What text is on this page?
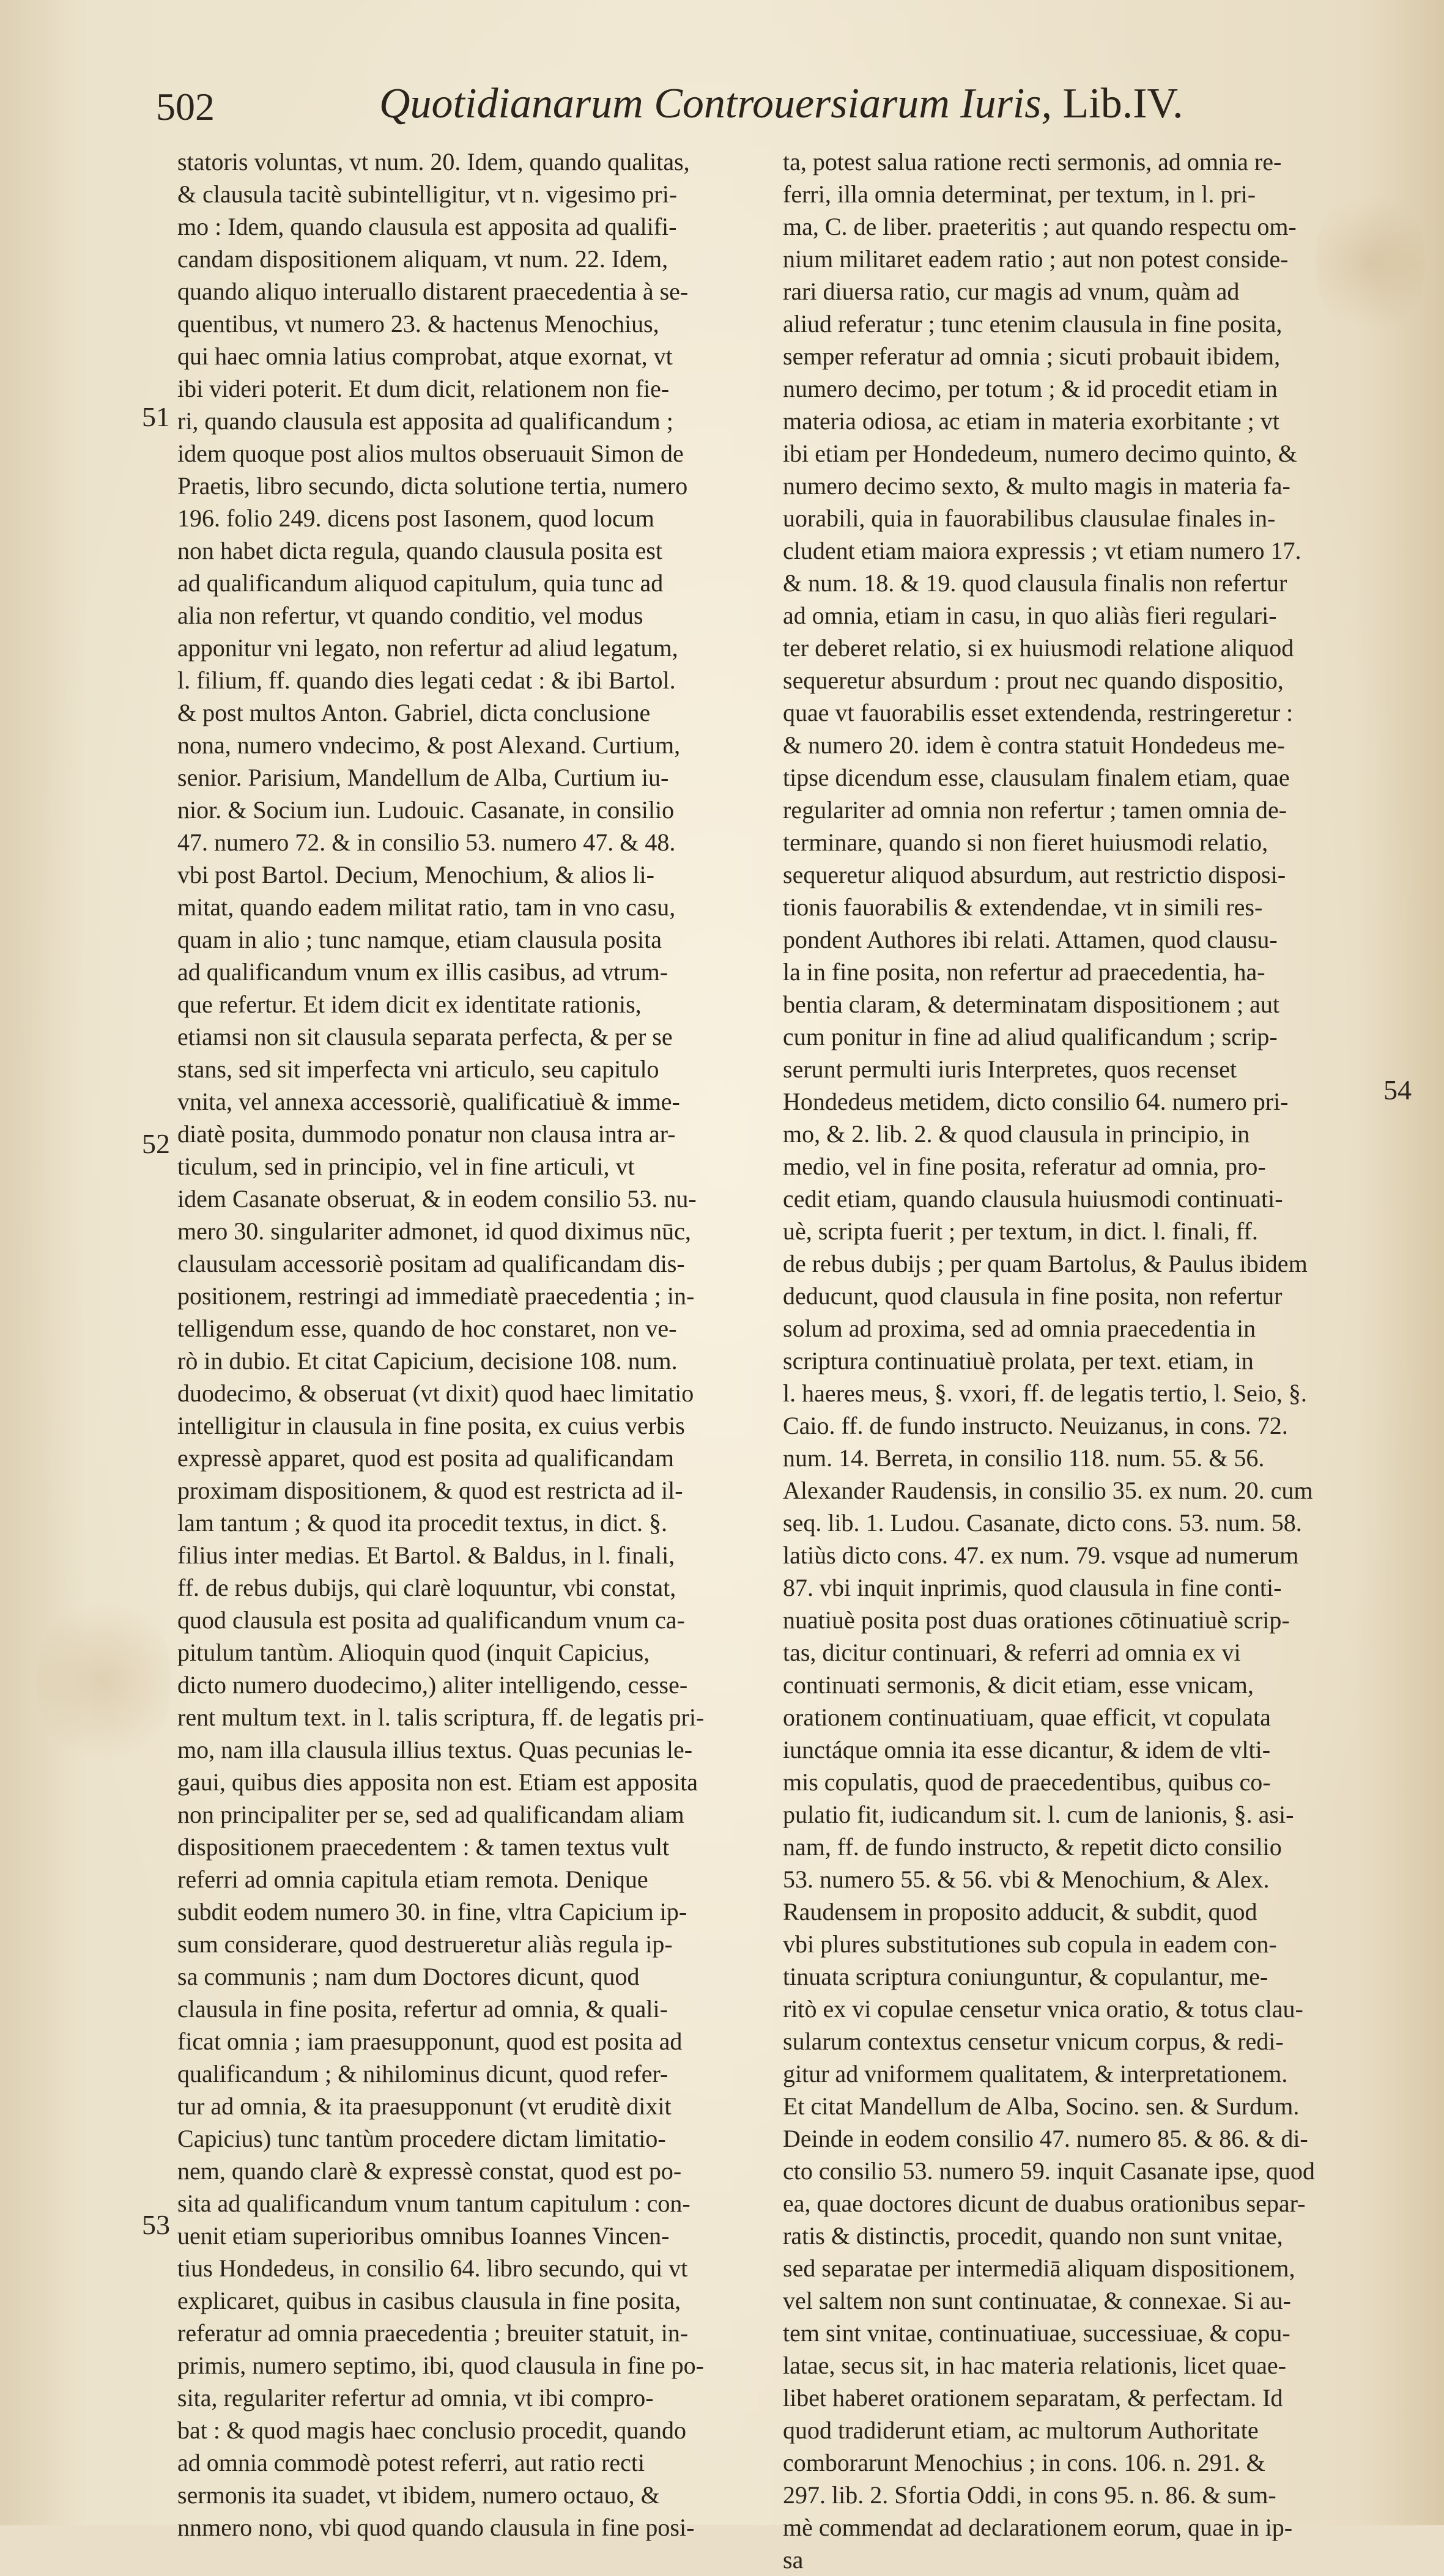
502	Quotidianarum Controuersiarum Iuris, Lib.IV.
51
52
53
54
statoris voluntas, vt num. 20. Idem, quando qualitas,
& clausula tacitè subintelligitur, vt n. vigesimo pri-
mo : Idem, quando clausula est apposita ad qualifi-
candam dispositionem aliquam, vt num. 22. Idem,
quando aliquo interuallo distarent praecedentia à se-
quentibus, vt numero 23. & hactenus Menochius,
qui haec omnia latius comprobat, atque exornat, vt
ibi videri poterit. Et dum dicit, relationem non fie-
ri, quando clausula est apposita ad qualificandum ;
idem quoque post alios multos obseruauit Simon de
Praetis, libro secundo, dicta solutione tertia, numero
196. folio 249. dicens post Iasonem, quod locum
non habet dicta regula, quando clausula posita est
ad qualificandum aliquod capitulum, quia tunc ad
alia non refertur, vt quando conditio, vel modus
apponitur vni legato, non refertur ad aliud legatum,
l. filium, ff. quando dies legati cedat : & ibi Bartol.
& post multos Anton. Gabriel, dicta conclusione
nona, numero vndecimo, & post Alexand. Curtium,
senior. Parisium, Mandellum de Alba, Curtium iu-
nior. & Socium iun. Ludouic. Casanate, in consilio
47. numero 72. & in consilio 53. numero 47. & 48.
vbi post Bartol. Decium, Menochium, & alios li-
mitat, quando eadem militat ratio, tam in vno casu,
quam in alio ; tunc namque, etiam clausula posita
ad qualificandum vnum ex illis casibus, ad vtrum-
que refertur. Et idem dicit ex identitate rationis,
etiamsi non sit clausula separata perfecta, & per se
stans, sed sit imperfecta vni articulo, seu capitulo
vnita, vel annexa accessoriè, qualificatiuè & imme-
diatè posita, dummodo ponatur non clausa intra ar-
ticulum, sed in principio, vel in fine articuli, vt
idem Casanate obseruat, & in eodem consilio 53. nu-
mero 30. singulariter admonet, id quod diximus nūc,
clausulam accessoriè positam ad qualificandam dis-
positionem, restringi ad immediatè praecedentia ; in-
telligendum esse, quando de hoc constaret, non ve-
rò in dubio. Et citat Capicium, decisione 108. num.
duodecimo, & obseruat (vt dixit) quod haec limitatio
intelligitur in clausula in fine posita, ex cuius verbis
expressè apparet, quod est posita ad qualificandam
proximam dispositionem, & quod est restricta ad il-
lam tantum ; & quod ita procedit textus, in dict. §.
filius inter medias. Et Bartol. & Baldus, in l. finali,
ff. de rebus dubijs, qui clarè loquuntur, vbi constat,
quod clausula est posita ad qualificandum vnum ca-
pitulum tantùm. Alioquin quod (inquit Capicius,
dicto numero duodecimo,) aliter intelligendo, cesse-
rent multum text. in l. talis scriptura, ff. de legatis pri-
mo, nam illa clausula illius textus. Quas pecunias le-
gaui, quibus dies apposita non est. Etiam est apposita
non principaliter per se, sed ad qualificandam aliam
dispositionem praecedentem : & tamen textus vult
referri ad omnia capitula etiam remota. Denique
subdit eodem numero 30. in fine, vltra Capicium ip-
sum considerare, quod destrueretur aliàs regula ip-
sa communis ; nam dum Doctores dicunt, quod
clausula in fine posita, refertur ad omnia, & quali-
ficat omnia ; iam praesupponunt, quod est posita ad
qualificandum ; & nihilominus dicunt, quod refer-
tur ad omnia, & ita praesupponunt (vt eruditè dixit
Capicius) tunc tantùm procedere dictam limitatio-
nem, quando clarè & expressè constat, quod est po-
sita ad qualificandum vnum tantum capitulum : con-
uenit etiam superioribus omnibus Ioannes Vincen-
tius Hondedeus, in consilio 64. libro secundo, qui vt
explicaret, quibus in casibus clausula in fine posita,
referatur ad omnia praecedentia ; breuiter statuit, in-
primis, numero septimo, ibi, quod clausula in fine po-
sita, regulariter refertur ad omnia, vt ibi compro-
bat : & quod magis haec conclusio procedit, quando
ad omnia commodè potest referri, aut ratio recti
sermonis ita suadet, vt ibidem, numero octauo, &
nnmero nono, vbi quod quando clausula in fine posi-
ta, potest salua ratione recti sermonis, ad omnia re-
ferri, illa omnia determinat, per textum, in l. pri-
ma, C. de liber. praeteritis ; aut quando respectu om-
nium militaret eadem ratio ; aut non potest conside-
rari diuersa ratio, cur magis ad vnum, quàm ad
aliud referatur ; tunc etenim clausula in fine posita,
semper referatur ad omnia ; sicuti probauit ibidem,
numero decimo, per totum ; & id procedit etiam in
materia odiosa, ac etiam in materia exorbitante ; vt
ibi etiam per Hondedeum, numero decimo quinto, &
numero decimo sexto, & multo magis in materia fa-
uorabili, quia in fauorabilibus clausulae finales in-
cludent etiam maiora expressis ; vt etiam numero 17.
& num. 18. & 19. quod clausula finalis non refertur
ad omnia, etiam in casu, in quo aliàs fieri regulari-
ter deberet relatio, si ex huiusmodi relatione aliquod
sequeretur absurdum : prout nec quando dispositio,
quae vt fauorabilis esset extendenda, restringeretur :
& numero 20. idem è contra statuit Hondedeus me-
tipse dicendum esse, clausulam finalem etiam, quae
regulariter ad omnia non refertur ; tamen omnia de-
terminare, quando si non fieret huiusmodi relatio,
sequeretur aliquod absurdum, aut restrictio disposi-
tionis fauorabilis & extendendae, vt in simili res-
pondent Authores ibi relati. Attamen, quod clausu-
la in fine posita, non refertur ad praecedentia, ha-
bentia claram, & determinatam dispositionem ; aut
cum ponitur in fine ad aliud qualificandum ; scrip-
serunt permulti iuris Interpretes, quos recenset
Hondedeus metidem, dicto consilio 64. numero pri-
mo, & 2. lib. 2. & quod clausula in principio, in
medio, vel in fine posita, referatur ad omnia, pro-
cedit etiam, quando clausula huiusmodi continuati-
uè, scripta fuerit ; per textum, in dict. l. finali, ff.
de rebus dubijs ; per quam Bartolus, & Paulus ibidem
deducunt, quod clausula in fine posita, non refertur
solum ad proxima, sed ad omnia praecedentia in
scriptura continuatiuè prolata, per text. etiam, in
l. haeres meus, §. vxori, ff. de legatis tertio, l. Seio, §.
Caio. ff. de fundo instructo. Neuizanus, in cons. 72.
num. 14. Berreta, in consilio 118. num. 55. & 56.
Alexander Raudensis, in consilio 35. ex num. 20. cum
seq. lib. 1. Ludou. Casanate, dicto cons. 53. num. 58.
latiùs dicto cons. 47. ex num. 79. vsque ad numerum
87. vbi inquit inprimis, quod clausula in fine conti-
nuatiuè posita post duas orationes cōtinuatiuè scrip-
tas, dicitur continuari, & referri ad omnia ex vi
continuati sermonis, & dicit etiam, esse vnicam,
orationem continuatiuam, quae efficit, vt copulata
iunctáque omnia ita esse dicantur, & idem de vlti-
mis copulatis, quod de praecedentibus, quibus co-
pulatio fit, iudicandum sit. l. cum de lanionis, §. asi-
nam, ff. de fundo instructo, & repetit dicto consilio
53. numero 55. & 56. vbi & Menochium, & Alex.
Raudensem in proposito adducit, & subdit, quod
vbi plures substitutiones sub copula in eadem con-
tinuata scriptura coniunguntur, & copulantur, me-
ritò ex vi copulae censetur vnica oratio, & totus clau-
sularum contextus censetur vnicum corpus, & redi-
gitur ad vniformem qualitatem, & interpretationem.
Et citat Mandellum de Alba, Socino. sen. & Surdum.
Deinde in eodem consilio 47. numero 85. & 86. & di-
cto consilio 53. numero 59. inquit Casanate ipse, quod
ea, quae doctores dicunt de duabus orationibus separ-
ratis & distinctis, procedit, quando non sunt vnitae,
sed separatae per intermediā aliquam dispositionem,
vel saltem non sunt continuatae, & connexae. Si au-
tem sint vnitae, continuatiuae, successiuae, & copu-
latae, secus sit, in hac materia relationis, licet quae-
libet haberet orationem separatam, & perfectam. Id
quod tradiderunt etiam, ac multorum Authoritate
comborarunt Menochius ; in cons. 106. n. 291. &
297. lib. 2. Sfortia Oddi, in cons 95. n. 86. & sum-
mè commendat ad declarationem eorum, quae in ip-
sa
